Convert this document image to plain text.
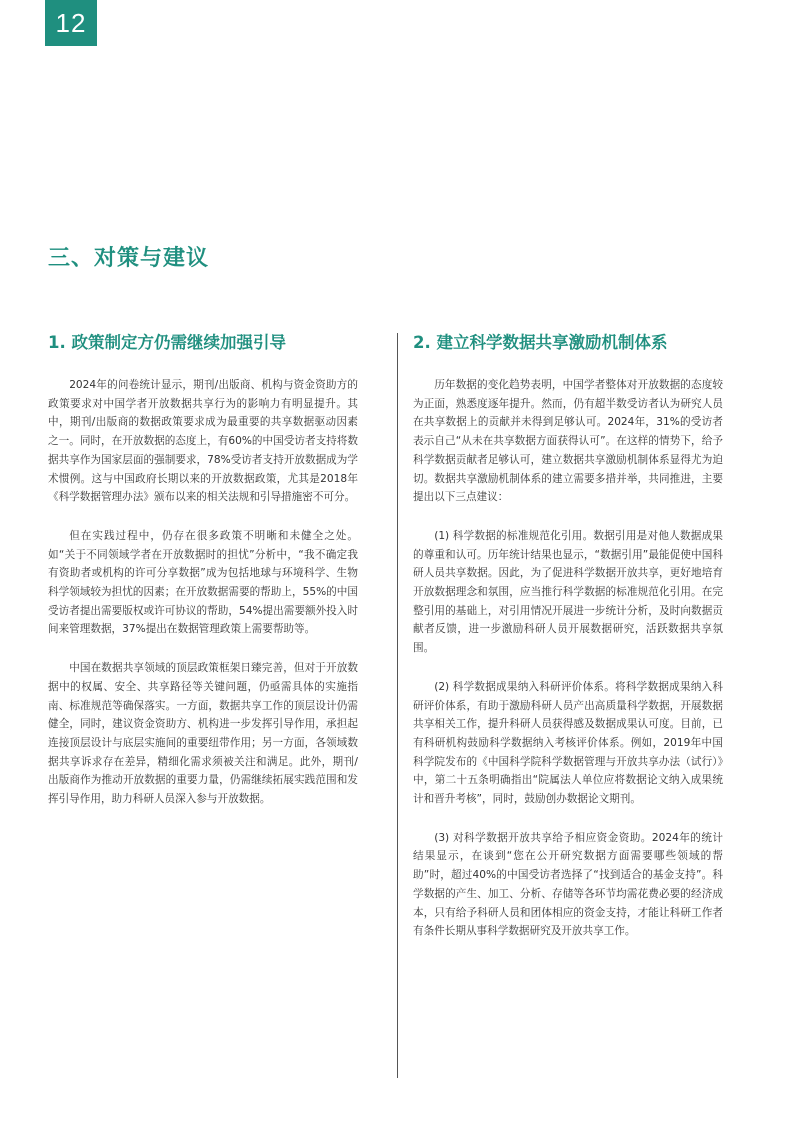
12
三、对策与建议
1. 政策制定方仍需继续加强引导

2024年的问卷统计显示，期刊/出版商、机构与资金资助方的政策要求对中国学者开放数据共享行为的影响力有明显提升。其中，期刊/出版商的数据政策要求成为最重要的共享数据驱动因素之一。同时，在开放数据的态度上，有60%的中国受访者支持将数据共享作为国家层面的强制要求，78%受访者支持开放数据成为学术惯例。这与中国政府长期以来的开放数据政策，尤其是2018年《科学数据管理办法》颁布以来的相关法规和引导措施密不可分。

但在实践过程中，仍存在很多政策不明晰和未健全之处。如“关于不同领域学者在开放数据时的担忧”分析中，“我不确定我有资助者或机构的许可分享数据”成为包括地球与环境科学、生物科学领域较为担忧的因素；在开放数据需要的帮助上，55%的中国受访者提出需要版权或许可协议的帮助，54%提出需要额外投入时间来管理数据，37%提出在数据管理政策上需要帮助等。

中国在数据共享领域的顶层政策框架日臻完善，但对于开放数据中的权属、安全、共享路径等关键问题，仍亟需具体的实施指南、标准规范等确保落实。一方面，数据共享工作的顶层设计仍需健全，同时，建议资金资助方、机构进一步发挥引导作用，承担起连接顶层设计与底层实施间的重要纽带作用；另一方面，各领域数据共享诉求存在差异，精细化需求须被关注和满足。此外，期刊/出版商作为推动开放数据的重要力量，仍需继续拓展实践范围和发挥引导作用，助力科研人员深入参与开放数据。

2. 建立科学数据共享激励机制体系

历年数据的变化趋势表明，中国学者整体对开放数据的态度较为正面，熟悉度逐年提升。然而，仍有超半数受访者认为研究人员在共享数据上的贡献并未得到足够认可。2024年，31%的受访者表示自己“从未在共享数据方面获得认可”。在这样的情势下，给予科学数据贡献者足够认可，建立数据共享激励机制体系显得尤为迫切。数据共享激励机制体系的建立需要多措并举，共同推进，主要提出以下三点建议：

(1) 科学数据的标准规范化引用。数据引用是对他人数据成果的尊重和认可。历年统计结果也显示，“数据引用”最能促使中国科研人员共享数据。因此，为了促进科学数据开放共享，更好地培育开放数据理念和氛围，应当推行科学数据的标准规范化引用。在完整引用的基础上，对引用情况开展进一步统计分析，及时向数据贡献者反馈，进一步激励科研人员开展数据研究，活跃数据共享氛围。

(2) 科学数据成果纳入科研评价体系。将科学数据成果纳入科研评价体系，有助于激励科研人员产出高质量科学数据，开展数据共享相关工作，提升科研人员获得感及数据成果认可度。目前，已有科研机构鼓励科学数据纳入考核评价体系。例如，2019年中国科学院发布的《中国科学院科学数据管理与开放共享办法（试行）》中，第二十五条明确指出“院属法人单位应将数据论文纳入成果统计和晋升考核”，同时，鼓励创办数据论文期刊。

(3) 对科学数据开放共享给予相应资金资助。2024年的统计结果显示，在谈到“您在公开研究数据方面需要哪些领域的帮助”时，超过40%的中国受访者选择了“找到适合的基金支持”。科学数据的产生、加工、分析、存储等各环节均需花费必要的经济成本，只有给予科研人员和团体相应的资金支持，才能让科研工作者有条件长期从事科学数据研究及开放共享工作。
